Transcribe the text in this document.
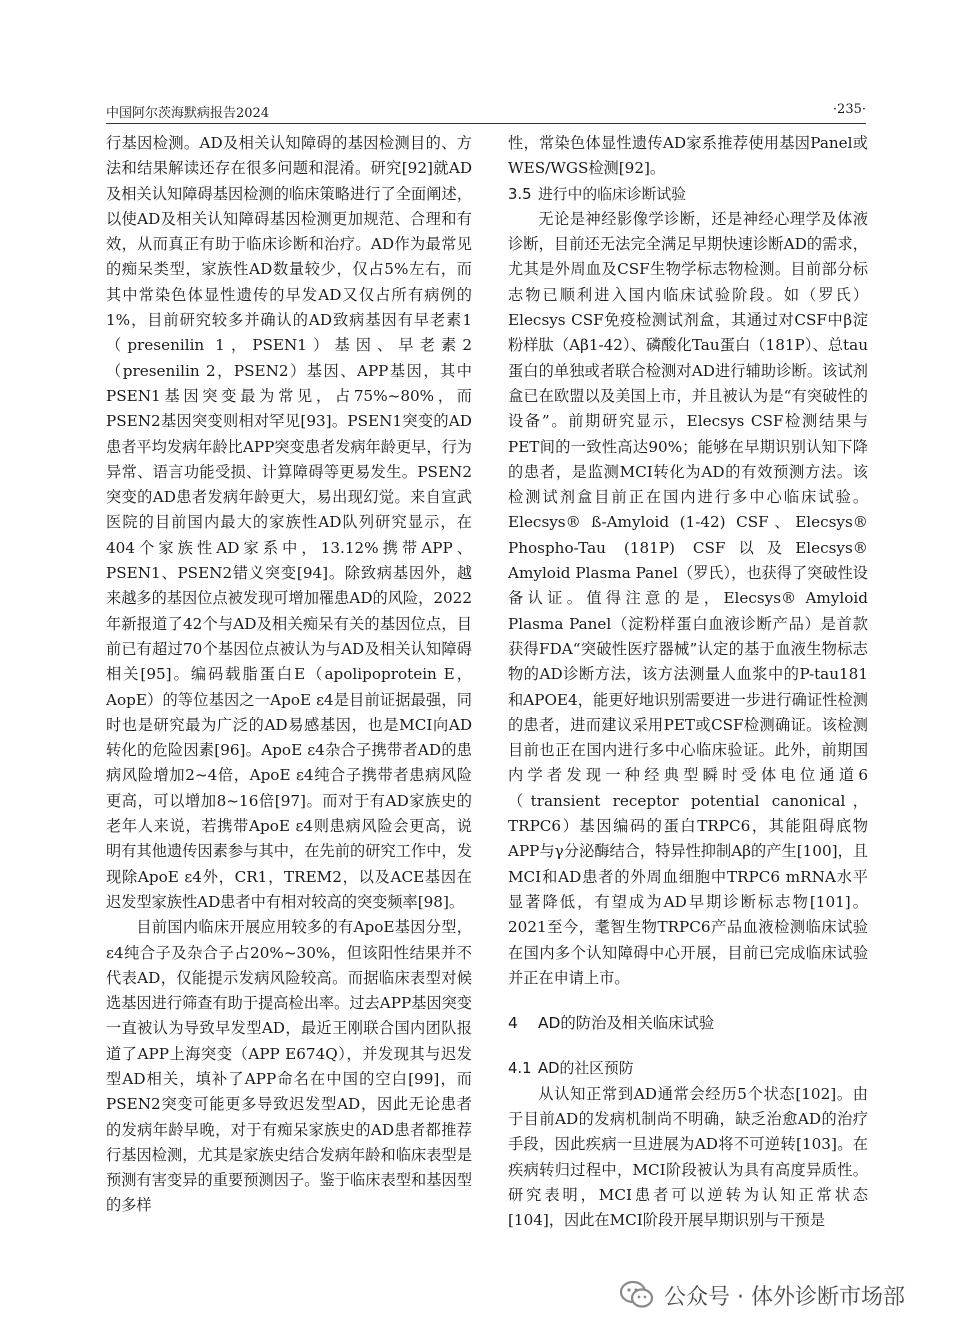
中国阿尔茨海默病报告2024	·235·

行基因检测。AD及相关认知障碍的基因检测目的、方法和结果解读还存在很多问题和混淆。研究[92]就AD及相关认知障碍基因检测的临床策略进行了全面阐述，以使AD及相关认知障碍基因检测更加规范、合理和有效，从而真正有助于临床诊断和治疗。AD作为最常见的痴呆类型，家族性AD数量较少，仅占5%左右，而其中常染色体显性遗传的早发AD又仅占所有病例的1%，目前研究较多并确认的AD致病基因有早老素1（presenilin 1，PSEN1）基因、早老素2（presenilin 2，PSEN2）基因、APP基因，其中PSEN1基因突变最为常见，占75%~80%，而PSEN2基因突变则相对罕见[93]。PSEN1突变的AD患者平均发病年龄比APP突变患者发病年龄更早，行为异常、语言功能受损、计算障碍等更易发生。PSEN2突变的AD患者发病年龄更大，易出现幻觉。来自宣武医院的目前国内最大的家族性AD队列研究显示，在404个家族性AD家系中，13.12%携带APP、PSEN1、PSEN2错义突变[94]。除致病基因外，越来越多的基因位点被发现可增加罹患AD的风险，2022年新报道了42个与AD及相关痴呆有关的基因位点，目前已有超过70个基因位点被认为与AD及相关认知障碍相关[95]。编码载脂蛋白E（apolipoprotein E，AopE）的等位基因之一ApoE ε4是目前证据最强，同时也是研究最为广泛的AD易感基因，也是MCI向AD转化的危险因素[96]。ApoE ε4杂合子携带者AD的患病风险增加2~4倍，ApoE ε4纯合子携带者患病风险更高，可以增加8~16倍[97]。而对于有AD家族史的老年人来说，若携带ApoE ε4则患病风险会更高，说明有其他遗传因素参与其中，在先前的研究工作中，发现除ApoE ε4外，CR1，TREM2，以及ACE基因在迟发型家族性AD患者中有相对较高的突变频率[98]。

目前国内临床开展应用较多的有ApoE基因分型，ε4纯合子及杂合子占20%~30%，但该阳性结果并不代表AD，仅能提示发病风险较高。而据临床表型对候选基因进行筛查有助于提高检出率。过去APP基因突变一直被认为导致早发型AD，最近王刚联合国内团队报道了APP上海突变（APP E674Q），并发现其与迟发型AD相关，填补了APP命名在中国的空白[99]，而PSEN2突变可能更多导致迟发型AD，因此无论患者的发病年龄早晚，对于有痴呆家族史的AD患者都推荐行基因检测，尤其是家族史结合发病年龄和临床表型是预测有害变异的重要预测因子。鉴于临床表型和基因型的多样

性，常染色体显性遗传AD家系推荐使用基因Panel或WES/WGS检测[92]。

3.5 进行中的临床诊断试验

无论是神经影像学诊断，还是神经心理学及体液诊断，目前还无法完全满足早期快速诊断AD的需求，尤其是外周血及CSF生物学标志物检测。目前部分标志物已顺利进入国内临床试验阶段。如（罗氏）Elecsys CSF免疫检测试剂盒，其通过对CSF中β淀粉样肽（Aβ1-42）、磷酸化Tau蛋白（181P）、总tau蛋白的单独或者联合检测对AD进行辅助诊断。该试剂盒已在欧盟以及美国上市，并且被认为是“有突破性的设备”。前期研究显示，Elecsys CSF检测结果与PET间的一致性高达90%；能够在早期识别认知下降的患者，是监测MCI转化为AD的有效预测方法。该检测试剂盒目前正在国内进行多中心临床试验。Elecsys® ß-Amyloid (1-42) CSF、Elecsys® Phospho-Tau (181P) CSF以及Elecsys® Amyloid Plasma Panel（罗氏），也获得了突破性设备认证。值得注意的是，Elecsys® Amyloid Plasma Panel（淀粉样蛋白血液诊断产品）是首款获得FDA“突破性医疗器械”认定的基于血液生物标志物的AD诊断方法，该方法测量人血浆中的P-tau181和APOE4，能更好地识别需要进一步进行确证性检测的患者，进而建议采用PET或CSF检测确证。该检测目前也正在国内进行多中心临床验证。此外，前期国内学者发现一种经典型瞬时受体电位通道6（transient receptor potential canonical，TRPC6）基因编码的蛋白TRPC6，其能阻碍底物APP与γ分泌酶结合，特异性抑制Aβ的产生[100]，且MCI和AD患者的外周血细胞中TRPC6 mRNA水平显著降低，有望成为AD早期诊断标志物[101]。2021至今，耄智生物TRPC6产品血液检测临床试验在国内多个认知障碍中心开展，目前已完成临床试验并正在申请上市。

4 AD的防治及相关临床试验
4.1 AD的社区预防

从认知正常到AD通常会经历5个状态[102]。由于目前AD的发病机制尚不明确，缺乏治愈AD的治疗手段，因此疾病一旦进展为AD将不可逆转[103]。在疾病转归过程中，MCI阶段被认为具有高度异质性。研究表明，MCI患者可以逆转为认知正常状态[104]，因此在MCI阶段开展早期识别与干预是

公众号 · 体外诊断市场部
